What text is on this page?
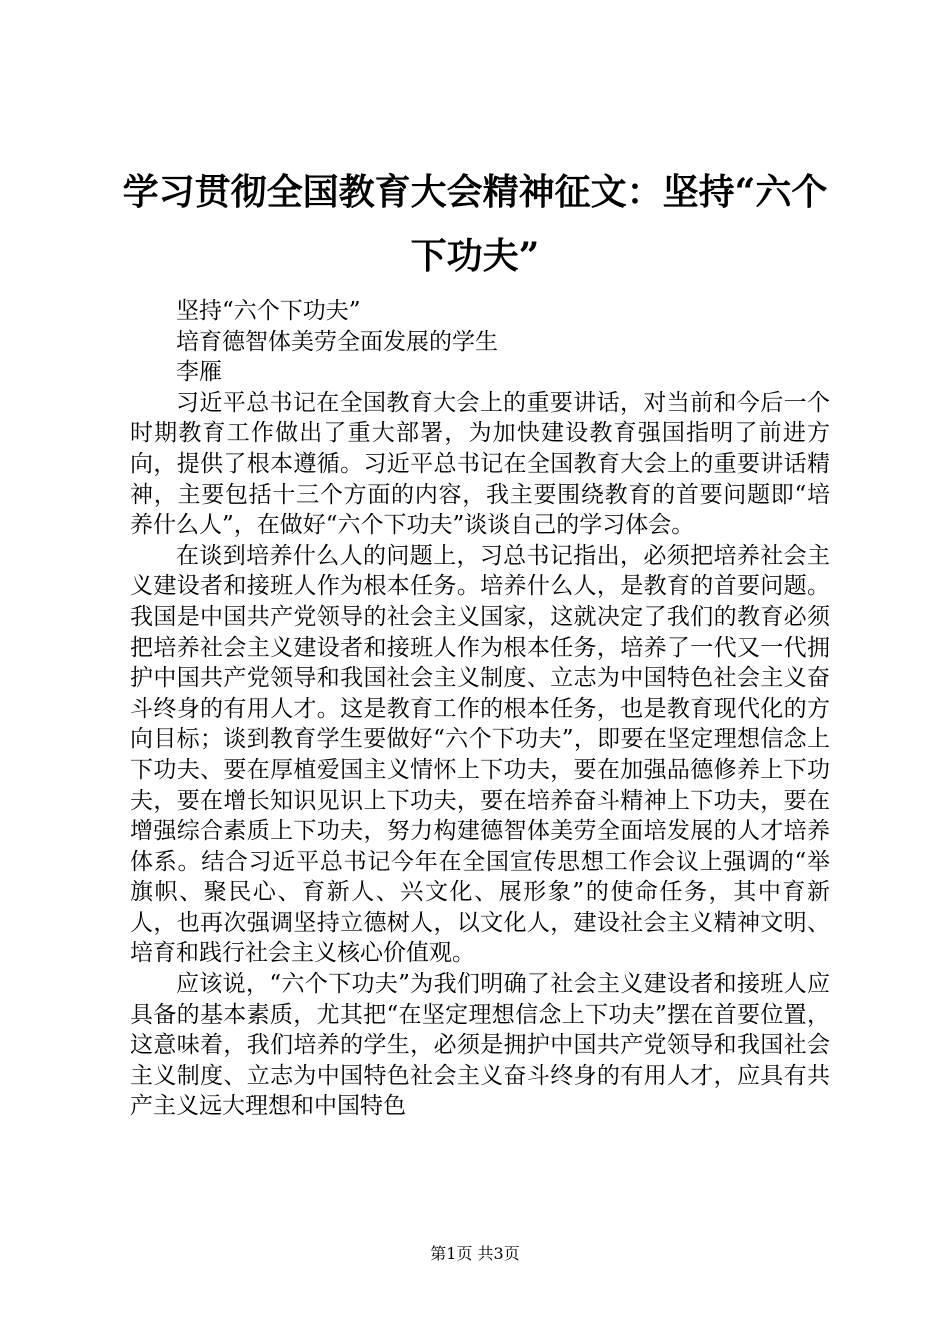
学习贯彻全国教育大会精神征文：坚持“六个
下功夫”

坚持“六个下功夫”

培育德智体美劳全面发展的学生

李雁

习近平总书记在全国教育大会上的重要讲话，对当前和今后一个时期教育工作做出了重大部署，为加快建设教育强国指明了前进方向，提供了根本遵循。习近平总书记在全国教育大会上的重要讲话精神，主要包括十三个方面的内容，我主要围绕教育的首要问题即“培养什么人”，在做好“六个下功夫”谈谈自己的学习体会。

在谈到培养什么人的问题上，习总书记指出，必须把培养社会主义建设者和接班人作为根本任务。培养什么人，是教育的首要问题。我国是中国共产党领导的社会主义国家，这就决定了我们的教育必须把培养社会主义建设者和接班人作为根本任务，培养了一代又一代拥护中国共产党领导和我国社会主义制度、立志为中国特色社会主义奋斗终身的有用人才。这是教育工作的根本任务，也是教育现代化的方向目标；谈到教育学生要做好“六个下功夫”，即要在坚定理想信念上下功夫、要在厚植爱国主义情怀上下功夫，要在加强品德修养上下功夫，要在增长知识见识上下功夫，要在培养奋斗精神上下功夫，要在增强综合素质上下功夫，努力构建德智体美劳全面培发展的人才培养体系。结合习近平总书记今年在全国宣传思想工作会议上强调的“举旗帜、聚民心、育新人、兴文化、展形象”的使命任务，其中育新人，也再次强调坚持立德树人，以文化人，建设社会主义精神文明、培育和践行社会主义核心价值观。

应该说，“六个下功夫”为我们明确了社会主义建设者和接班人应具备的基本素质，尤其把“在坚定理想信念上下功夫”摆在首要位置，这意味着，我们培养的学生，必须是拥护中国共产党领导和我国社会主义制度、立志为中国特色社会主义奋斗终身的有用人才，应具有共产主义远大理想和中国特色

第1页 共3页
